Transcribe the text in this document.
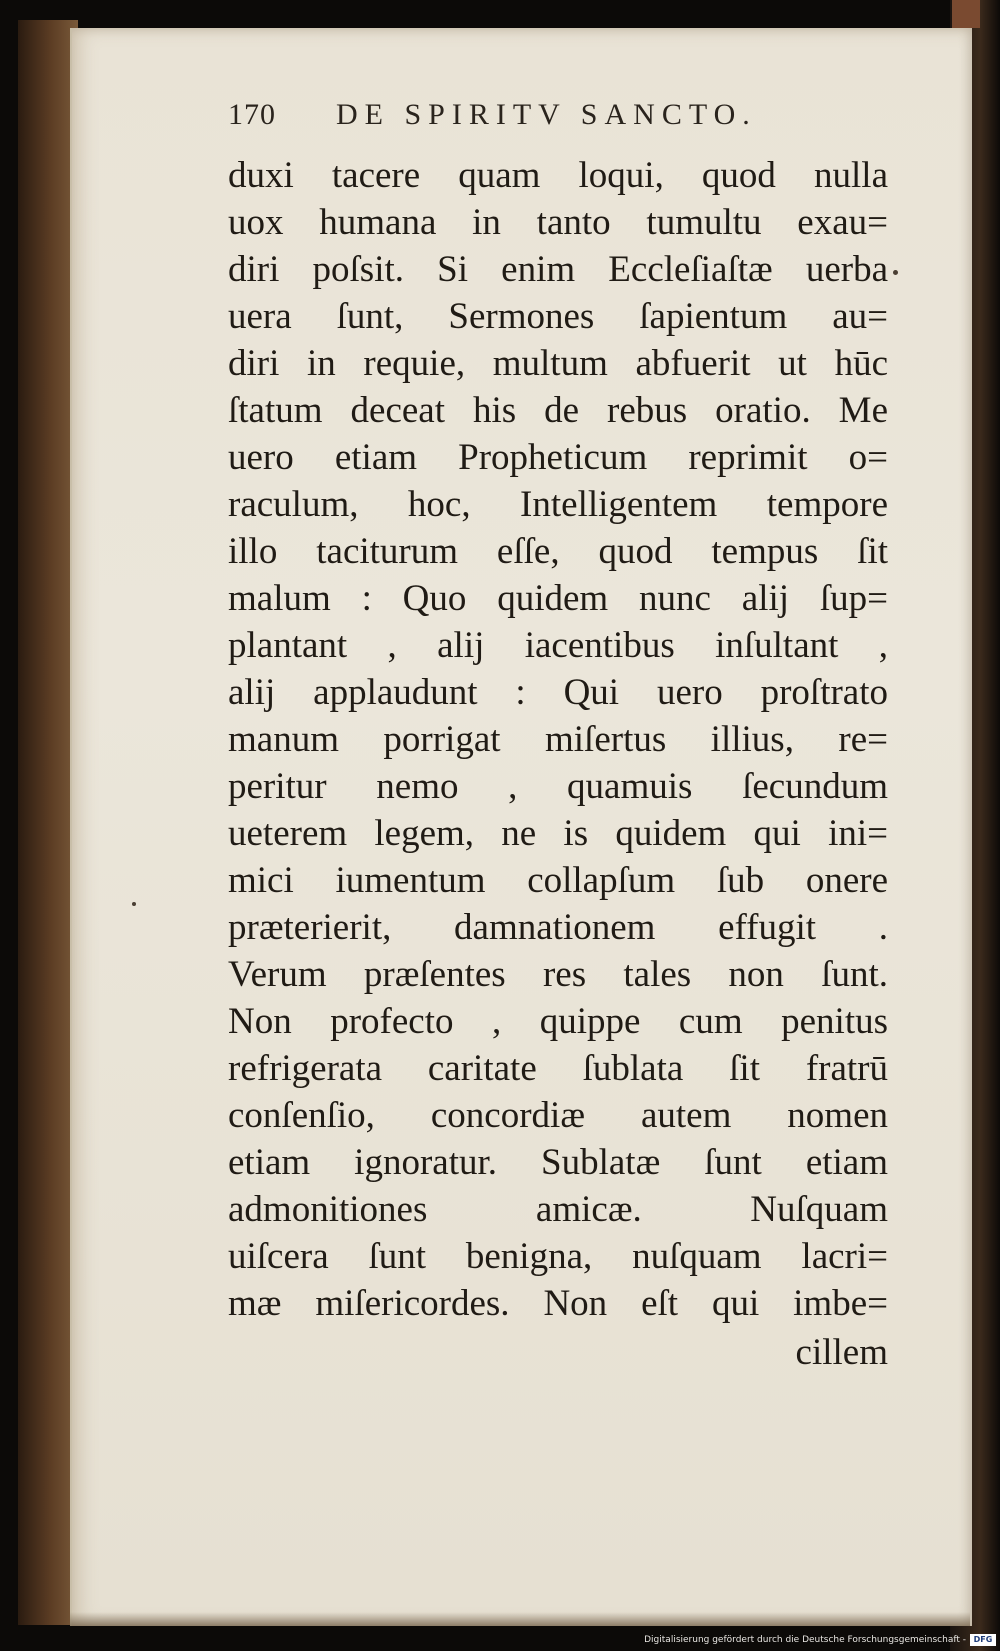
170 DE SPIRITV SANCTO.
duxi tacere quam loqui, quod nulla
uox humana in tanto tumultu exau=
diri poſsit. Si enim Eccleſiaſtæ uerba
uera ſunt, Sermones ſapientum au=
diri in requie, multum abfuerit ut hūc
ſtatum deceat his de rebus oratio. Me
uero etiam Propheticum reprimit o=
raculum, hoc, Intelligentem tempore
illo taciturum eſſe, quod tempus ſit
malum : Quo quidem nunc alij ſup=
plantant , alij iacentibus inſultant ,
alij applaudunt : Qui uero proſtrato
manum porrigat miſertus illius, re=
peritur nemo , quamuis ſecundum
ueterem legem, ne is quidem qui ini=
mici iumentum collapſum ſub onere
præterierit, damnationem effugit .
Verum præſentes res tales non ſunt.
Non profecto , quippe cum penitus
refrigerata caritate ſublata ſit fratrū
conſenſio, concordiæ autem nomen
etiam ignoratur. Sublatæ ſunt etiam
admonitiones amicæ. Nuſquam
uiſcera ſunt benigna, nuſquam lacri=
mæ miſericordes. Non eſt qui imbe=
cillem
Digitalisierung gefördert durch die Deutsche Forschungsgemeinschaft - DFG
